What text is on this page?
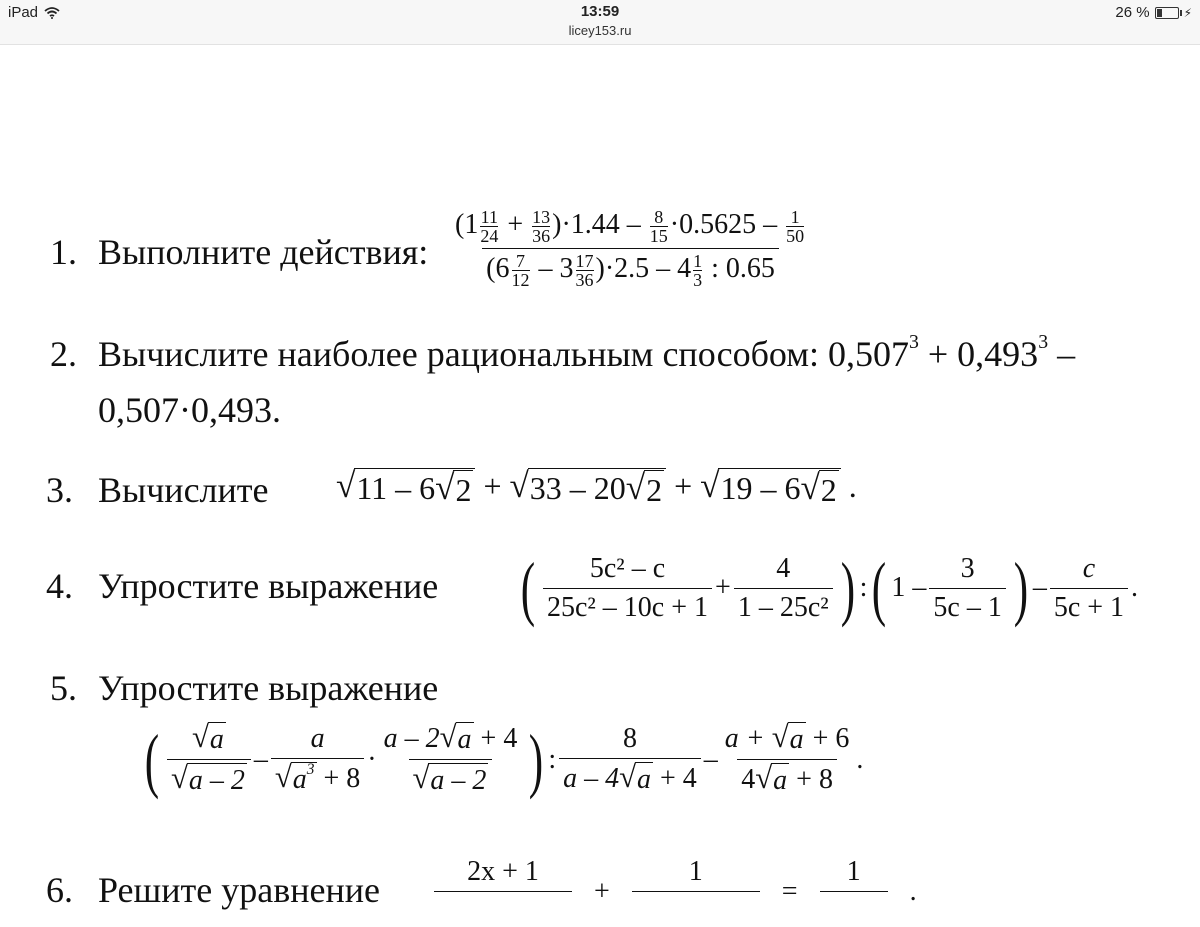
iPad	13:59
licey153.ru
26 %	⚡
1. Выполните действия:
$(1 \frac{11}{24} + \frac{13}{36} )\cdot 1.44 - \frac{8}{15} \cdot 0.5625 - \frac{1}{50}$
$(6 \frac{7}{12} - 3 \frac{17}{36} )\cdot 2.5 - 4 \frac{1}{3}$ : 0.65
2. Вычислите наиболее рациональным способом: $0,507^3 + 0,493^3$ –
0,507·0,493.
3. Вычислите √ 11 – 6 √ 2 + √ 33 – 20 √ 2 + √ 19 – 6 √ 2 .
4. Упростите выражение ( $\frac{\text{5c² – c}}{\text{25c² – 10c + 1}} + \frac{4}{\text{1 – 25c²}}$ ) : ( $1 - \frac{3}{5c - 1}$ ) – $\frac{c}{5c + 1}$ .
5. Упростите выражение
( $\frac{√ a}{√ a - 2} - \frac{a}{√ a^3 + 8} \cdot \frac{a - 2 √ a + 4}{√ a - 2}$ ) : $\frac{8}{a - 4 √ a + 4} - \frac{a + √ a + 6}{4 √ a + 8}$ .
6. Решите уравнение	2x + 1

+
1

=
1

.
